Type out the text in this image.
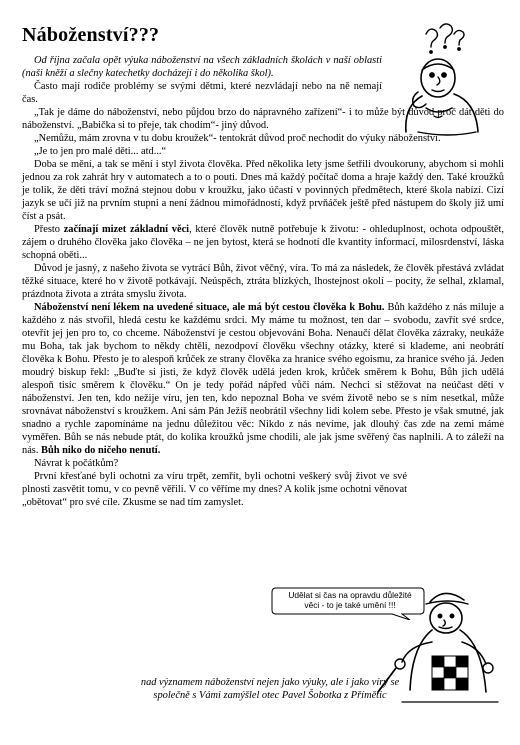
Náboženství???

Od října začala opět výuka náboženství na všech základních školách v naší oblasti (naši kněží a slečny katechetky docházejí i do několika škol).

Často mají rodiče problémy se svými dětmi, které nezvládají nebo na ně nemají čas.

„Tak je dáme do náboženství, nebo půjdou brzo do nápravného zařízení“- i to může být důvod proč dát děti do náboženství. „Babička si to přeje, tak chodím“- jiný důvod.

„Nemůžu, mám zrovna v tu dobu kroužek“- tentokrát důvod proč nechodit do výuky náboženství.

„Je to jen pro malé děti... atd...“

Doba se mění, a tak se mění i styl života člověka. Před několika lety jsme šetřili dvoukoruny, abychom si mohli jednou za rok zahrát hry v automatech a to o pouti. Dnes má každý počítač doma a hraje každý den. Také kroužků je tolik, že děti tráví možná stejnou dobu v kroužku, jako účastí v povinných předmětech, které škola nabízí. Cizí jazyk se učí již na prvním stupni a není žádnou mimořádností, když prvňáček ještě před nástupem do školy již umí číst a psát.

Přesto začínají mizet základní věci, které člověk nutně potřebuje k životu: - ohleduplnost, ochota odpouštět, zájem o druhého člověka jako člověka – ne jen bytost, která se hodnotí dle kvantity informací, milosrdenství, láska schopná oběti...

Důvod je jasný, z našeho života se vytrácí Bůh, život věčný, víra. To má za následek, že člověk přestává zvládat těžké situace, které ho v životě potkávají. Neúspěch, ztráta blízkých, lhostejnost okolí – pocity, že selhal, zklamal, prázdnota života a ztráta smyslu života.

Náboženství není lékem na uvedené situace, ale má být cestou člověka k Bohu. Bůh každého z nás miluje a každého z nás stvořil, hledá cestu ke každému srdci. My máme tu možnost, ten dar – svobodu, zavřít své srdce, otevřít jej jen pro to, co chceme. Náboženství je cestou objevování Boha. Nenaučí dělat člověka zázraky, neukáže mu Boha, tak jak bychom to někdy chtěli, nezodpoví člověku všechny otázky, které si klademe, ani neobrátí člověka k Bohu. Přesto je to alespoň krůček ze strany člověka za hranice svého egoismu, za hranice svého já. Jeden moudrý biskup řekl: „Buďte si jisti, že když člověk udělá jeden krok, krůček směrem k Bohu, Bůh jich udělá alespoň tisíc směrem k člověku.“ On je tedy pořád nápřed vůči nám. Nechci si stěžovat na neúčast dětí v náboženství. Jen ten, kdo nežije víru, jen ten, kdo nepoznal Boha ve svém životě nebo se s ním nesetkal, může srovnávat náboženství s kroužkem. Ani sám Pán Ježíš neobrátil všechny lidi kolem sebe. Přesto je však smutné, jak snadno a rychle zapomínáme na jednu důležitou věc: Nikdo z nás nevíme, jak dlouhý čas zde na zemi máme vyměřen. Bůh se nás nebude ptát, do kolika kroužků jsme chodili, ale jak jsme svěřený čas naplnili. A to záleží na nás. Bůh niko do ničeho nenutí.

Návrat k počátkům?

První křesťané byli ochotni za víru trpět, zemřít, byli ochotni veškerý svůj život ve své plnosti zasvětit tomu, v co pevně věřili. V co věříme my dnes? A kolik jsme ochotni věnovat „obětovat“ pro své cíle. Zkusme se nad tím zamyslet.

Udělat si čas na opravdu důležité věci - to je také umění !!!
nad významem náboženství nejen jako výuky, ale i jako víry se
společně s Vámi zamýšlel otec Pavel Šobotka z Přímětic
